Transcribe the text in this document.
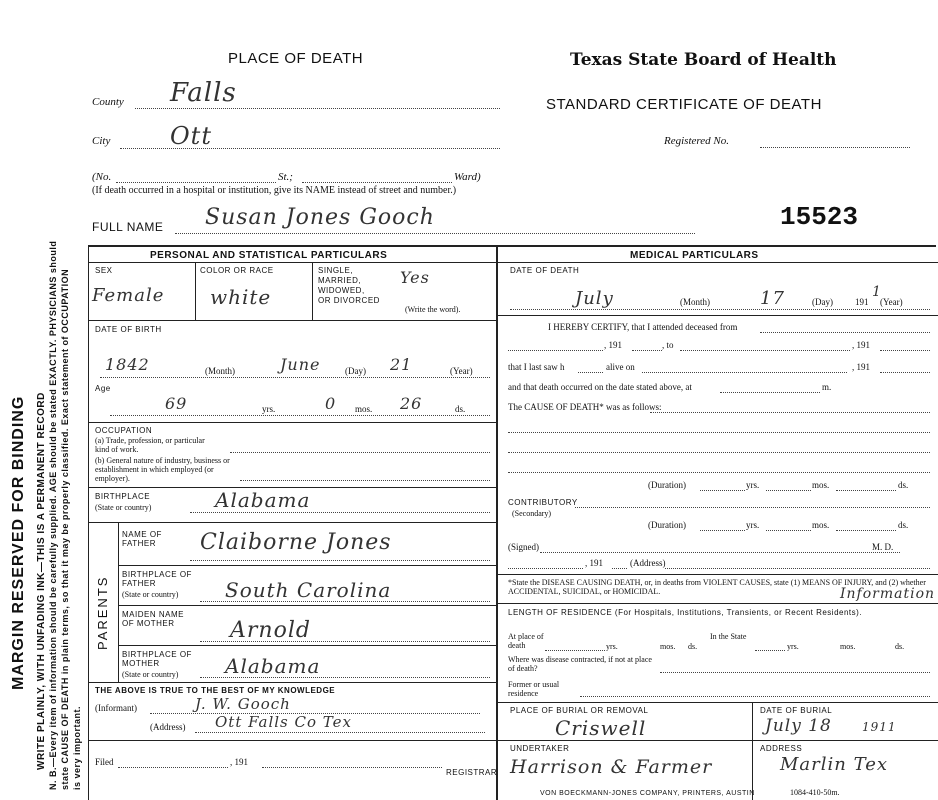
MARGIN RESERVED FOR BINDING WRITE PLAINLY, WITH UNFADING INK—THIS IS A PERMANENT RECORD N. B.—Every item of information should be carefully supplied. AGE should be stated EXACTLY. PHYSICIANS should state CAUSE OF DEATH in plain terms, so that it may be properly classified. Exact statement of OCCUPATION is very important.
PLACE OF DEATH	Texas State Board of Health
STANDARD CERTIFICATE OF DEATH
County Falls
City Ott	Registered No.
(No.	St.;	Ward)
(If death occurred in a hospital or institution, give its NAME instead of street and number.)
FULL NAME Susan Jones Gooch	15523
PERSONAL AND STATISTICAL PARTICULARS
SEX
Female
COLOR OR RACE
white
SINGLE,
MARRIED,
WIDOWED,
OR DIVORCED
Yes
(Write the word).
DATE OF BIRTH
1842	(Month)	June	(Day) 21	(Year)
Age
69	yrs.	0 mos. 26	ds.
OCCUPATION
(a) Trade, profession, or particular kind of work.
(b) General nature of industry, business or establishment in which employed (or employer).
BIRTHPLACE
(State or country)	Alabama
PARENTS
NAME OF FATHER	Claiborne Jones
BIRTHPLACE OF FATHER
(State or country) South Carolina
MAIDEN NAME OF MOTHER	Arnold
BIRTHPLACE OF MOTHER
(State or country) Alabama
THE ABOVE IS TRUE TO THE BEST OF MY KNOWLEDGE
(Informant)	J. W. Gooch
(Address) Ott Falls Co Tex
Filed	, 191
REGISTRAR
MEDICAL PARTICULARS
DATE OF DEATH
July	(Month)	17	(Day) 191
1
(Year)
I HEREBY CERTIFY, that I attended deceased from
, 191	, to	, 191
that I last saw h	alive on	, 191
and that death occurred on the date stated above, at	m.
The CAUSE OF DEATH* was as follows:
(Duration)	yrs.	mos.	ds.
CONTRIBUTORY
(Secondary)
(Duration)	yrs.	mos.	ds.
(Signed)	M. D.
, 191	(Address)
*State the DISEASE CAUSING DEATH, or, in deaths from VIOLENT CAUSES, state (1) MEANS OF INJURY, and (2) whether ACCIDENTAL, SUICIDAL, or HOMICIDAL.	Information
LENGTH OF RESIDENCE (For Hospitals, Institutions, Transients, or Recent Residents).
At place of death	yrs.	mos. ds.
In the State
yrs.	mos.	ds.
Where was disease contracted, if not at place of death?
Former or usual residence
PLACE OF BURIAL OR REMOVAL
Criswell
DATE OF BURIAL
July 18	1911
UNDERTAKER
Harrison & Farmer
ADDRESS
Marlin Tex
VON BOECKMANN-JONES COMPANY, PRINTERS, AUSTIN	1084-410-50m.
